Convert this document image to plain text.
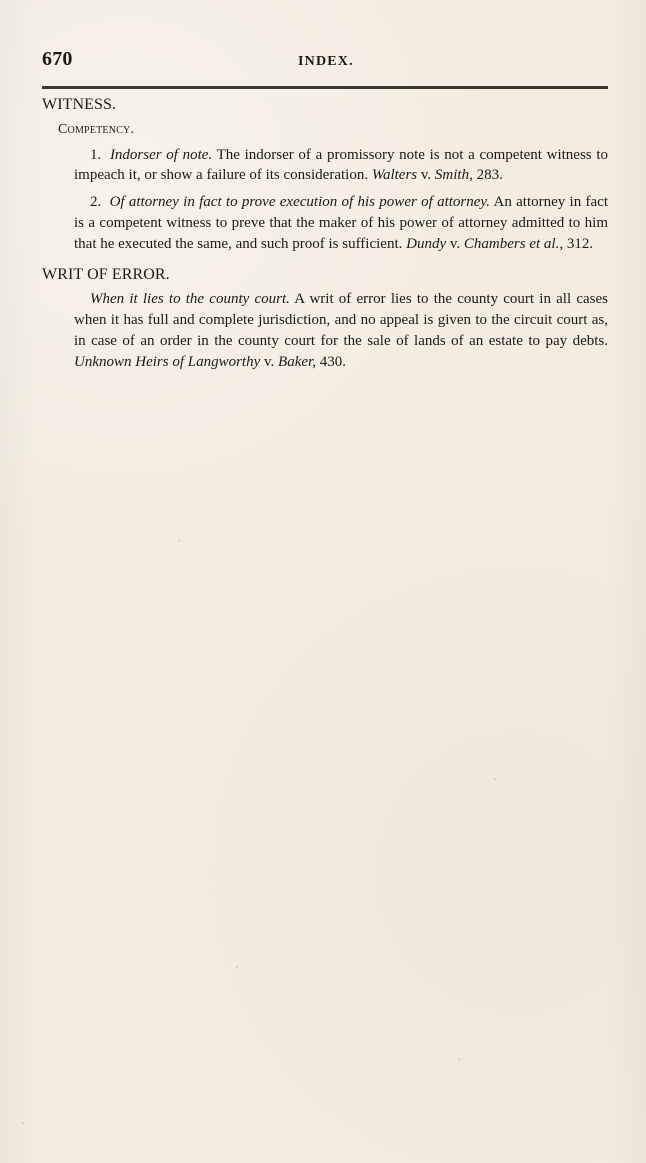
670	INDEX.
WITNESS.
Competency.

1. Indorser of note. The indorser of a promissory note is not a competent witness to impeach it, or show a failure of its consideration. Walters v. Smith, 283.

2. Of attorney in fact to prove execution of his power of attorney. An attorney in fact is a competent witness to preve that the maker of his power of attorney admitted to him that he executed the same, and such proof is sufficient. Dundy v. Chambers et al., 312.

WRIT OF ERROR.

When it lies to the county court. A writ of error lies to the county court in all cases when it has full and complete jurisdiction, and no appeal is given to the circuit court as, in case of an order in the county court for the sale of lands of an estate to pay debts. Unknown Heirs of Langworthy v. Baker, 430.
